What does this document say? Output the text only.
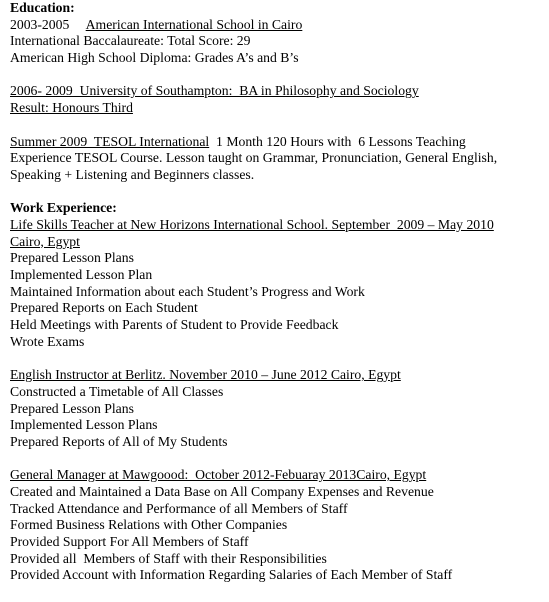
Education:
2003-2005     American International School in Cairo
International Baccalaureate: Total Score: 29
American High School Diploma: Grades A’s and B’s
2006- 2009  University of Southampton:  BA in Philosophy and Sociology
Result: Honours Third
Summer 2009  TESOL International  1 Month 120 Hours with  6 Lessons Teaching
Experience TESOL Course. Lesson taught on Grammar, Pronunciation, General English,
Speaking + Listening and Beginners classes.
Work Experience:
Life Skills Teacher at New Horizons International School. September  2009 – May 2010
Cairo, Egypt
Prepared Lesson Plans
Implemented Lesson Plan
Maintained Information about each Student’s Progress and Work
Prepared Reports on Each Student
Held Meetings with Parents of Student to Provide Feedback
Wrote Exams
English Instructor at Berlitz. November 2010 – June 2012 Cairo, Egypt
Constructed a Timetable of All Classes
Prepared Lesson Plans
Implemented Lesson Plans
Prepared Reports of All of My Students
General Manager at Mawgoood:  October 2012-Febuaray 2013Cairo, Egypt
Created and Maintained a Data Base on All Company Expenses and Revenue
Tracked Attendance and Performance of all Members of Staff
Formed Business Relations with Other Companies
Provided Support For All Members of Staff
Provided all  Members of Staff with their Responsibilities
Provided Account with Information Regarding Salaries of Each Member of Staff
